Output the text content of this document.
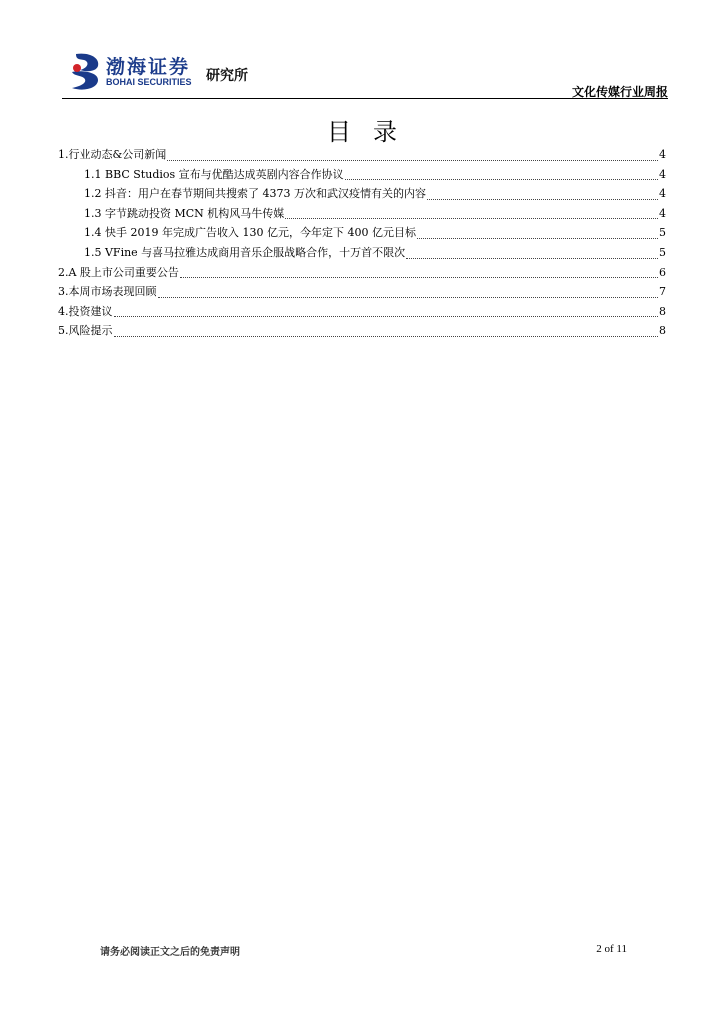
渤海证券
BOHAI SECURITIES 研究所
文化传媒行业周报
目录
1.行业动态&公司新闻	4
1.1 BBC Studios 宣布与优酷达成英剧内容合作协议	4
1.2 抖音：用户在春节期间共搜索了 4373 万次和武汉疫情有关的内容	4
1.3 字节跳动投资 MCN 机构风马牛传媒	4
1.4 快手 2019 年完成广告收入 130 亿元，今年定下 400 亿元目标	5
1.5 VFine 与喜马拉雅达成商用音乐企服战略合作，十万首不限次	5
2.A 股上市公司重要公告	6
3.本周市场表现回顾	7
4.投资建议	8
5.风险提示	8
请务必阅读正文之后的免责声明	2 of 11
